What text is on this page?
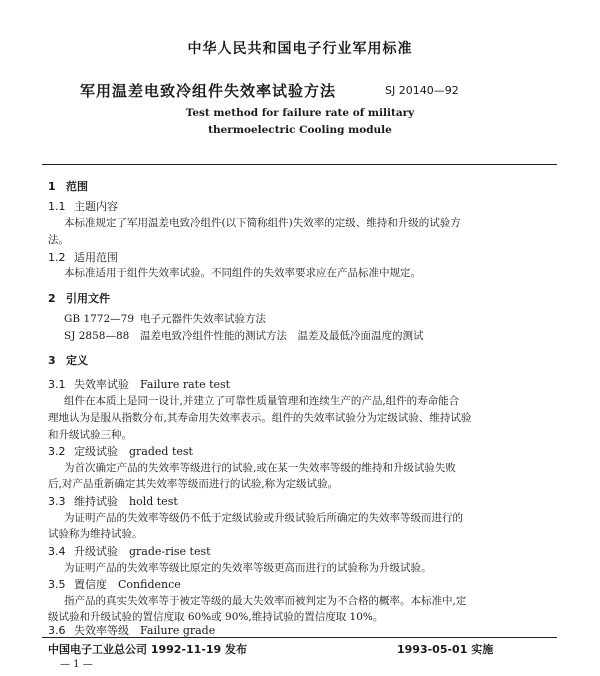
中华人民共和国电子行业军用标准
军用温差电致冷组件失效率试验方法	SJ 20140—92
Test method for failure rate of military
thermoelectric Cooling module
1 范围
1.1 主题内容
本标准规定了军用温差电致冷组件(以下简称组件)失效率的定级、维持和升级的试验方
法。
1.2 适用范围
本标准适用于组件失效率试验。不同组件的失效率要求应在产品标准中规定。
2 引用文件
GB 1772—79 电子元器件失效率试验方法
SJ 2858—88 温差电致冷组件性能的测试方法　温差及最低冷面温度的测试
3 定义
3.1 失效率试验　Failure rate test
组件在本质上是同一设计,并建立了可靠性质量管理和连续生产的产品,组件的寿命能合
理地认为是服从指数分布,其寿命用失效率表示。组件的失效率试验分为定级试验、维持试验
和升级试验三种。
3.2 定级试验　graded test
为首次确定产品的失效率等级进行的试验,或在某一失效率等级的维持和升级试验失败
后,对产品重新确定其失效率等级而进行的试验,称为定级试验。
3.3 维持试验　hold test
为证明产品的失效率等级仍不低于定级试验或升级试验后所确定的失效率等级而进行的
试验称为维持试验。
3.4 升级试验　grade-rise test
为证明产品的失效率等级比原定的失效率等级更高而进行的试验称为升级试验。
3.5 置信度　Confidence
指产品的真实失效率等于被定等级的最大失效率而被判定为不合格的概率。本标准中,定
级试验和升级试验的置信度取 60%或 90%,维持试验的置信度取 10%。
3.6 失效率等级　Failure grade
中国电子工业总公司 1992-11-19 发布	1993-05-01 实施
— 1 —
